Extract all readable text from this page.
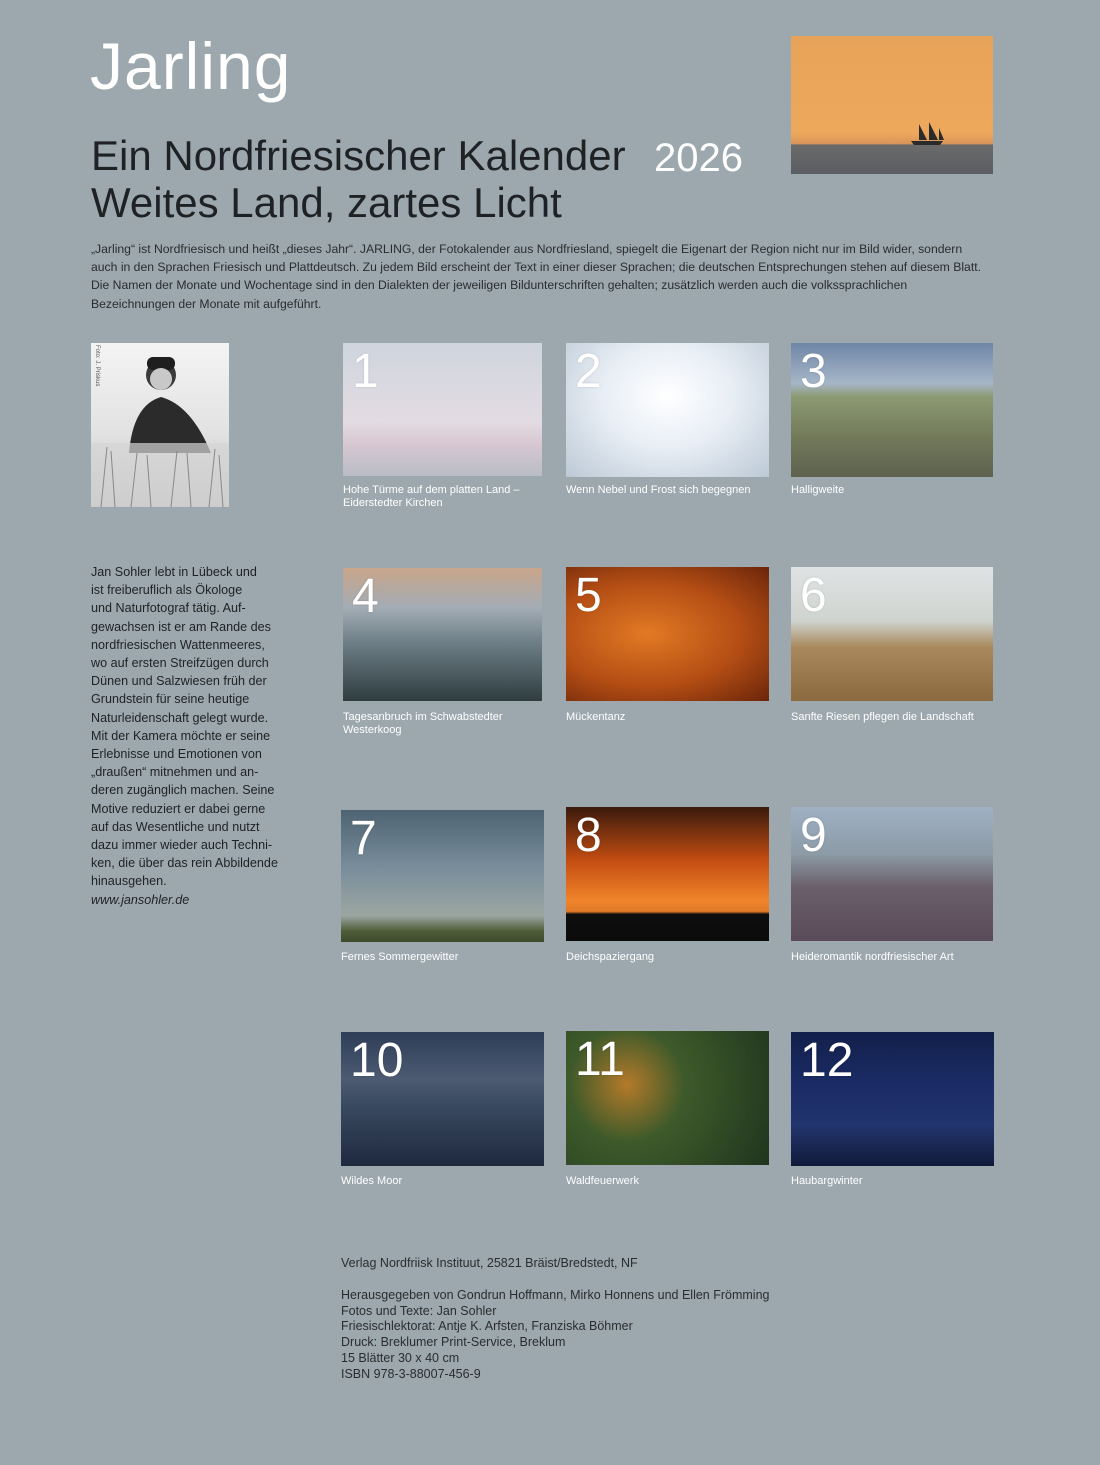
Jarling
Ein Nordfriesischer Kalender 2026
Weites Land, zartes Licht
„Jarling“ ist Nordfriesisch und heißt „dieses Jahr“. JARLING, der Fotokalender aus Nordfriesland, spiegelt die Eigenart der Region nicht nur im Bild wider, sondern auch in den Sprachen Friesisch und Plattdeutsch. Zu jedem Bild erscheint der Text in einer dieser Sprachen; die deutschen Entsprechungen stehen auf diesem Blatt. Die Namen der Monate und Wochentage sind in den Dialekten der jeweiligen Bildunterschriften gehalten; zusätzlich werden auch die volkssprachlichen Bezeichnungen der Monate mit aufgeführt.
Foto: J. Priskus
Jan Sohler lebt in Lübeck und
ist freiberuflich als Ökologe
und Naturfotograf tätig. Auf-
gewachsen ist er am Rande des
nordfriesischen Wattenmeeres,
wo auf ersten Streifzügen durch
Dünen und Salzwiesen früh der
Grundstein für seine heutige
Naturleidenschaft gelegt wurde.
Mit der Kamera möchte er seine
Erlebnisse und Emotionen von
„draußen“ mitnehmen und an-
deren zugänglich machen. Seine
Motive reduziert er dabei gerne
auf das Wesentliche und nutzt
dazu immer wieder auch Techni-
ken, die über das rein Abbildende
hinausgehen.
www.jansohler.de
1
Hohe Türme auf dem platten Land – Eiderstedter Kirchen
2
Wenn Nebel und Frost sich begegnen
3
Halligweite
4
Tagesanbruch im Schwabstedter Westerkoog
5
Mückentanz
6
Sanfte Riesen pflegen die Landschaft
7
Fernes Sommergewitter
8
Deichspaziergang
9
Heideromantik nordfriesischer Art
10
Wildes Moor
11
Waldfeuerwerk
12
Haubargwinter
Verlag Nordfriisk Instituut, 25821 Bräist/Bredstedt, NF
Herausgegeben von Gondrun Hoffmann, Mirko Honnens und Ellen Frömming
Fotos und Texte: Jan Sohler
Friesischlektorat: Antje K. Arfsten, Franziska Böhmer
Druck: Breklumer Print-Service, Breklum
15 Blätter 30 x 40 cm
ISBN 978-3-88007-456-9
